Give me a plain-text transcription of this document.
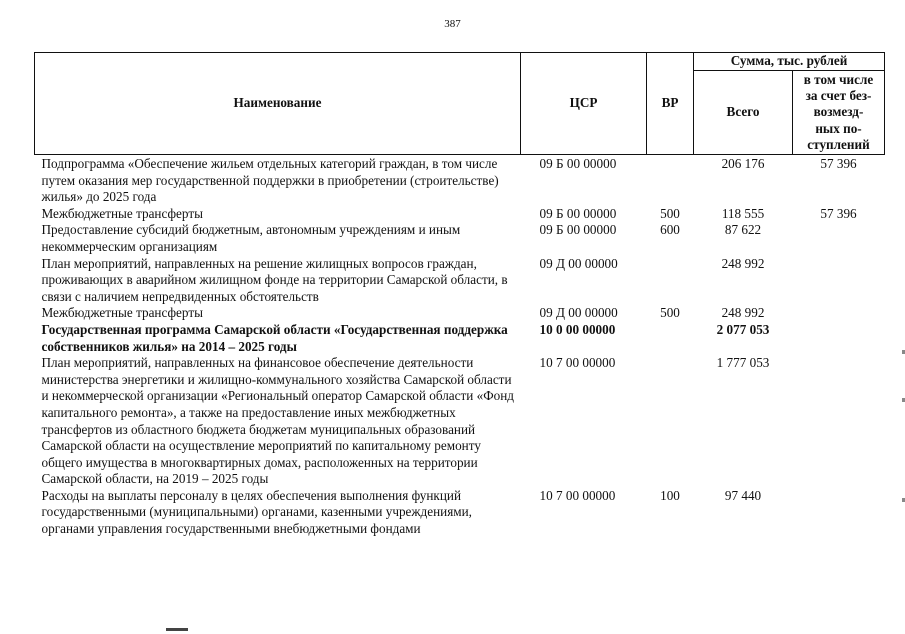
387
Наименование	ЦСР	ВР	Сумма, тыс. рублей	
			Всего	в том числе
за счет без-
возмезд-
ных по-
ступлений
Подпрограмма «Обеспечение жильем отдельных категорий граждан, в том числе путем оказания мер государственной поддержки в приобретении (строительстве) жилья» до 2025 года	09 Б 00 00000		206 176	57 396
Межбюджетные трансферты	09 Б 00 00000	500	118 555	57 396
Предоставление субсидий бюджетным, автономным учреждениям и иным некоммерческим организациям	09 Б 00 00000	600	87 622	
План мероприятий, направленных на решение жилищных вопросов граждан, проживающих в аварийном жилищном фонде на территории Самарской области, в связи с наличием непредвиденных обстоятельств	09 Д 00 00000		248 992	
Межбюджетные трансферты	09 Д 00 00000	500	248 992	
Государственная программа Самарской области «Государственная поддержка собственников жилья» на 2014 – 2025 годы	10 0 00 00000		2 077 053	
План мероприятий, направленных на финансовое обеспечение деятельности министерства энергетики и жилищно-коммунального хозяйства Самарской области и некоммерческой организации «Региональный оператор Самарской области «Фонд капитального ремонта», а также на предоставление иных межбюджетных трансфертов из областного бюджета бюджетам муниципальных образований Самарской области на осуществление мероприятий по капитальному ремонту общего имущества в многоквартирных домах, расположенных на территории Самарской области, на 2019 – 2025 годы	10 7 00 00000		1 777 053	
Расходы на выплаты персоналу в целях обеспечения выполнения функций государственными (муниципальными) органами, казенными учреждениями, органами управления государственными внебюджетными фондами	10 7 00 00000	100	97 440	
